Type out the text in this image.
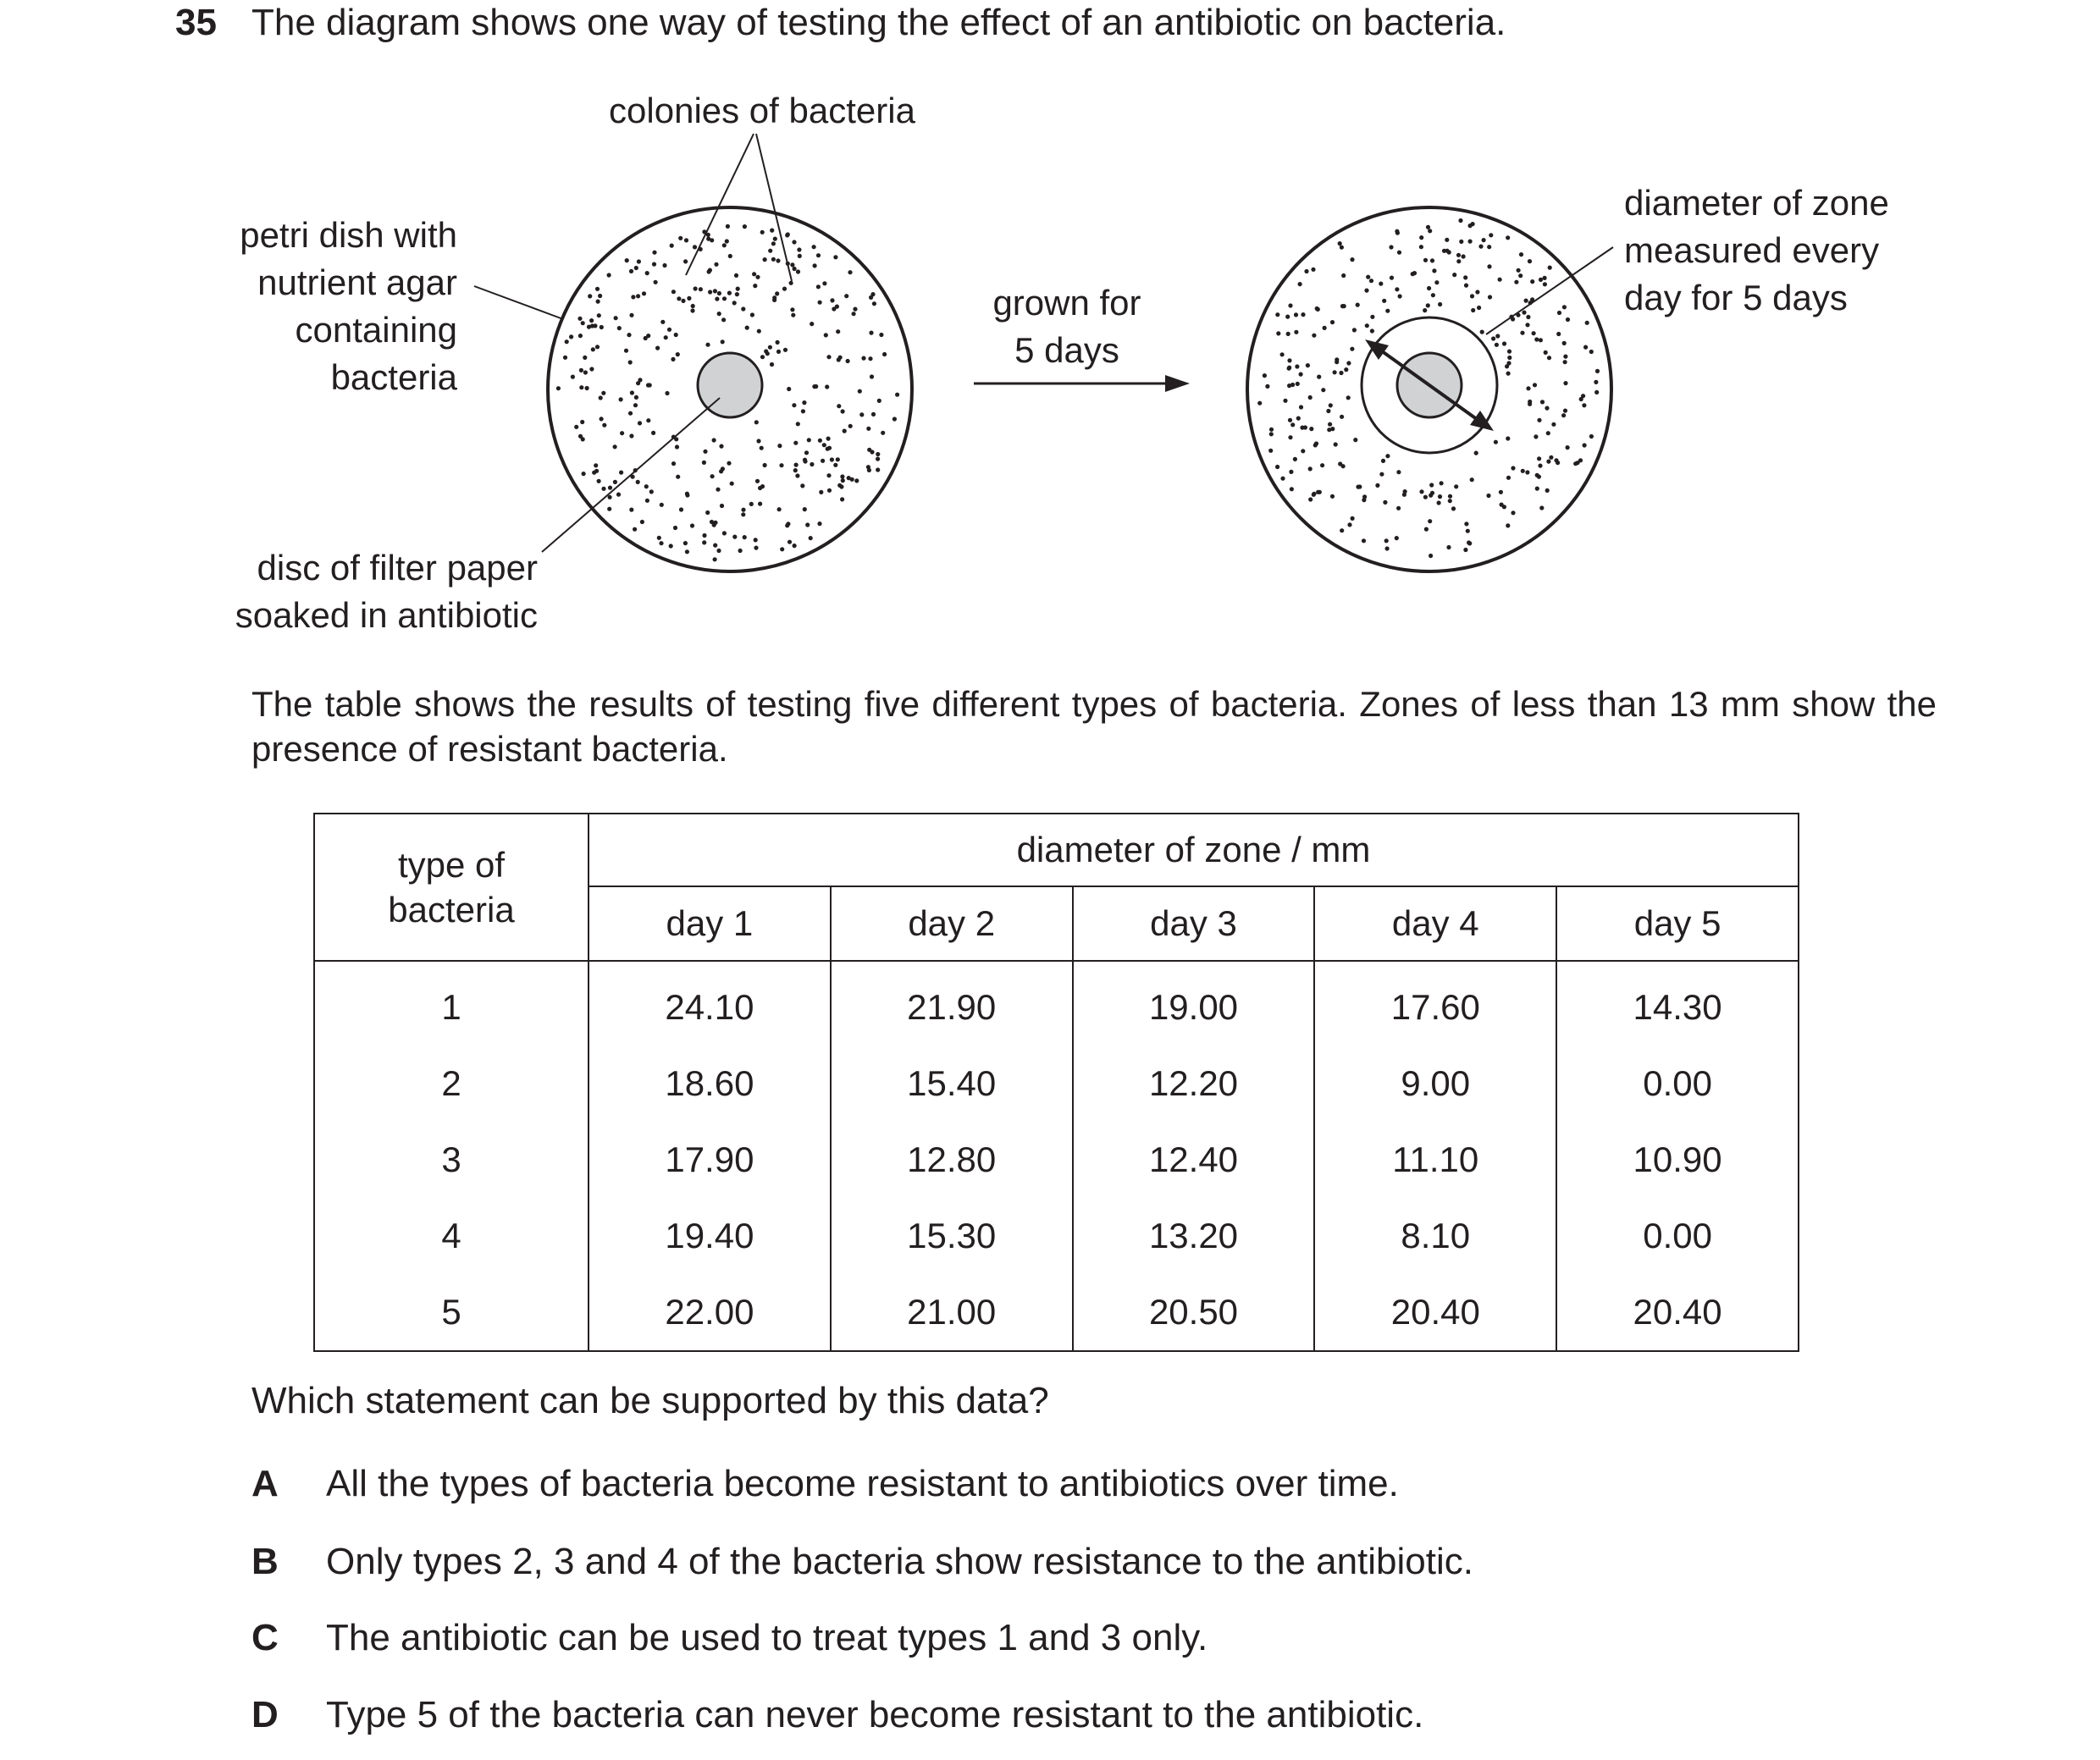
35 The diagram shows one way of testing the effect of an antibiotic on bacteria.
colonies of bacteria
petri dish with
nutrient agar
containing
bacteria
disc of filter paper
soaked in antibiotic
grown for
5 days
diameter of zone
measured every
day for 5 days
The table shows the results of testing five different types of bacteria. Zones of less than 13 mm show the presence of resistant bacteria.
type of
bacteria	diameter of zone / mm				
	day 1	day 2	day 3	day 4	day 5
1	24.10	21.90	19.00	17.60	14.30
2	18.60	15.40	12.20	9.00	0.00
3	17.90	12.80	12.40	11.10	10.90
4	19.40	15.30	13.20	8.10	0.00
5	22.00	21.00	20.50	20.40	20.40
Which statement can be supported by this data?
A All the types of bacteria become resistant to antibiotics over time.
B Only types 2, 3 and 4 of the bacteria show resistance to the antibiotic.
C The antibiotic can be used to treat types 1 and 3 only.
D Type 5 of the bacteria can never become resistant to the antibiotic.
